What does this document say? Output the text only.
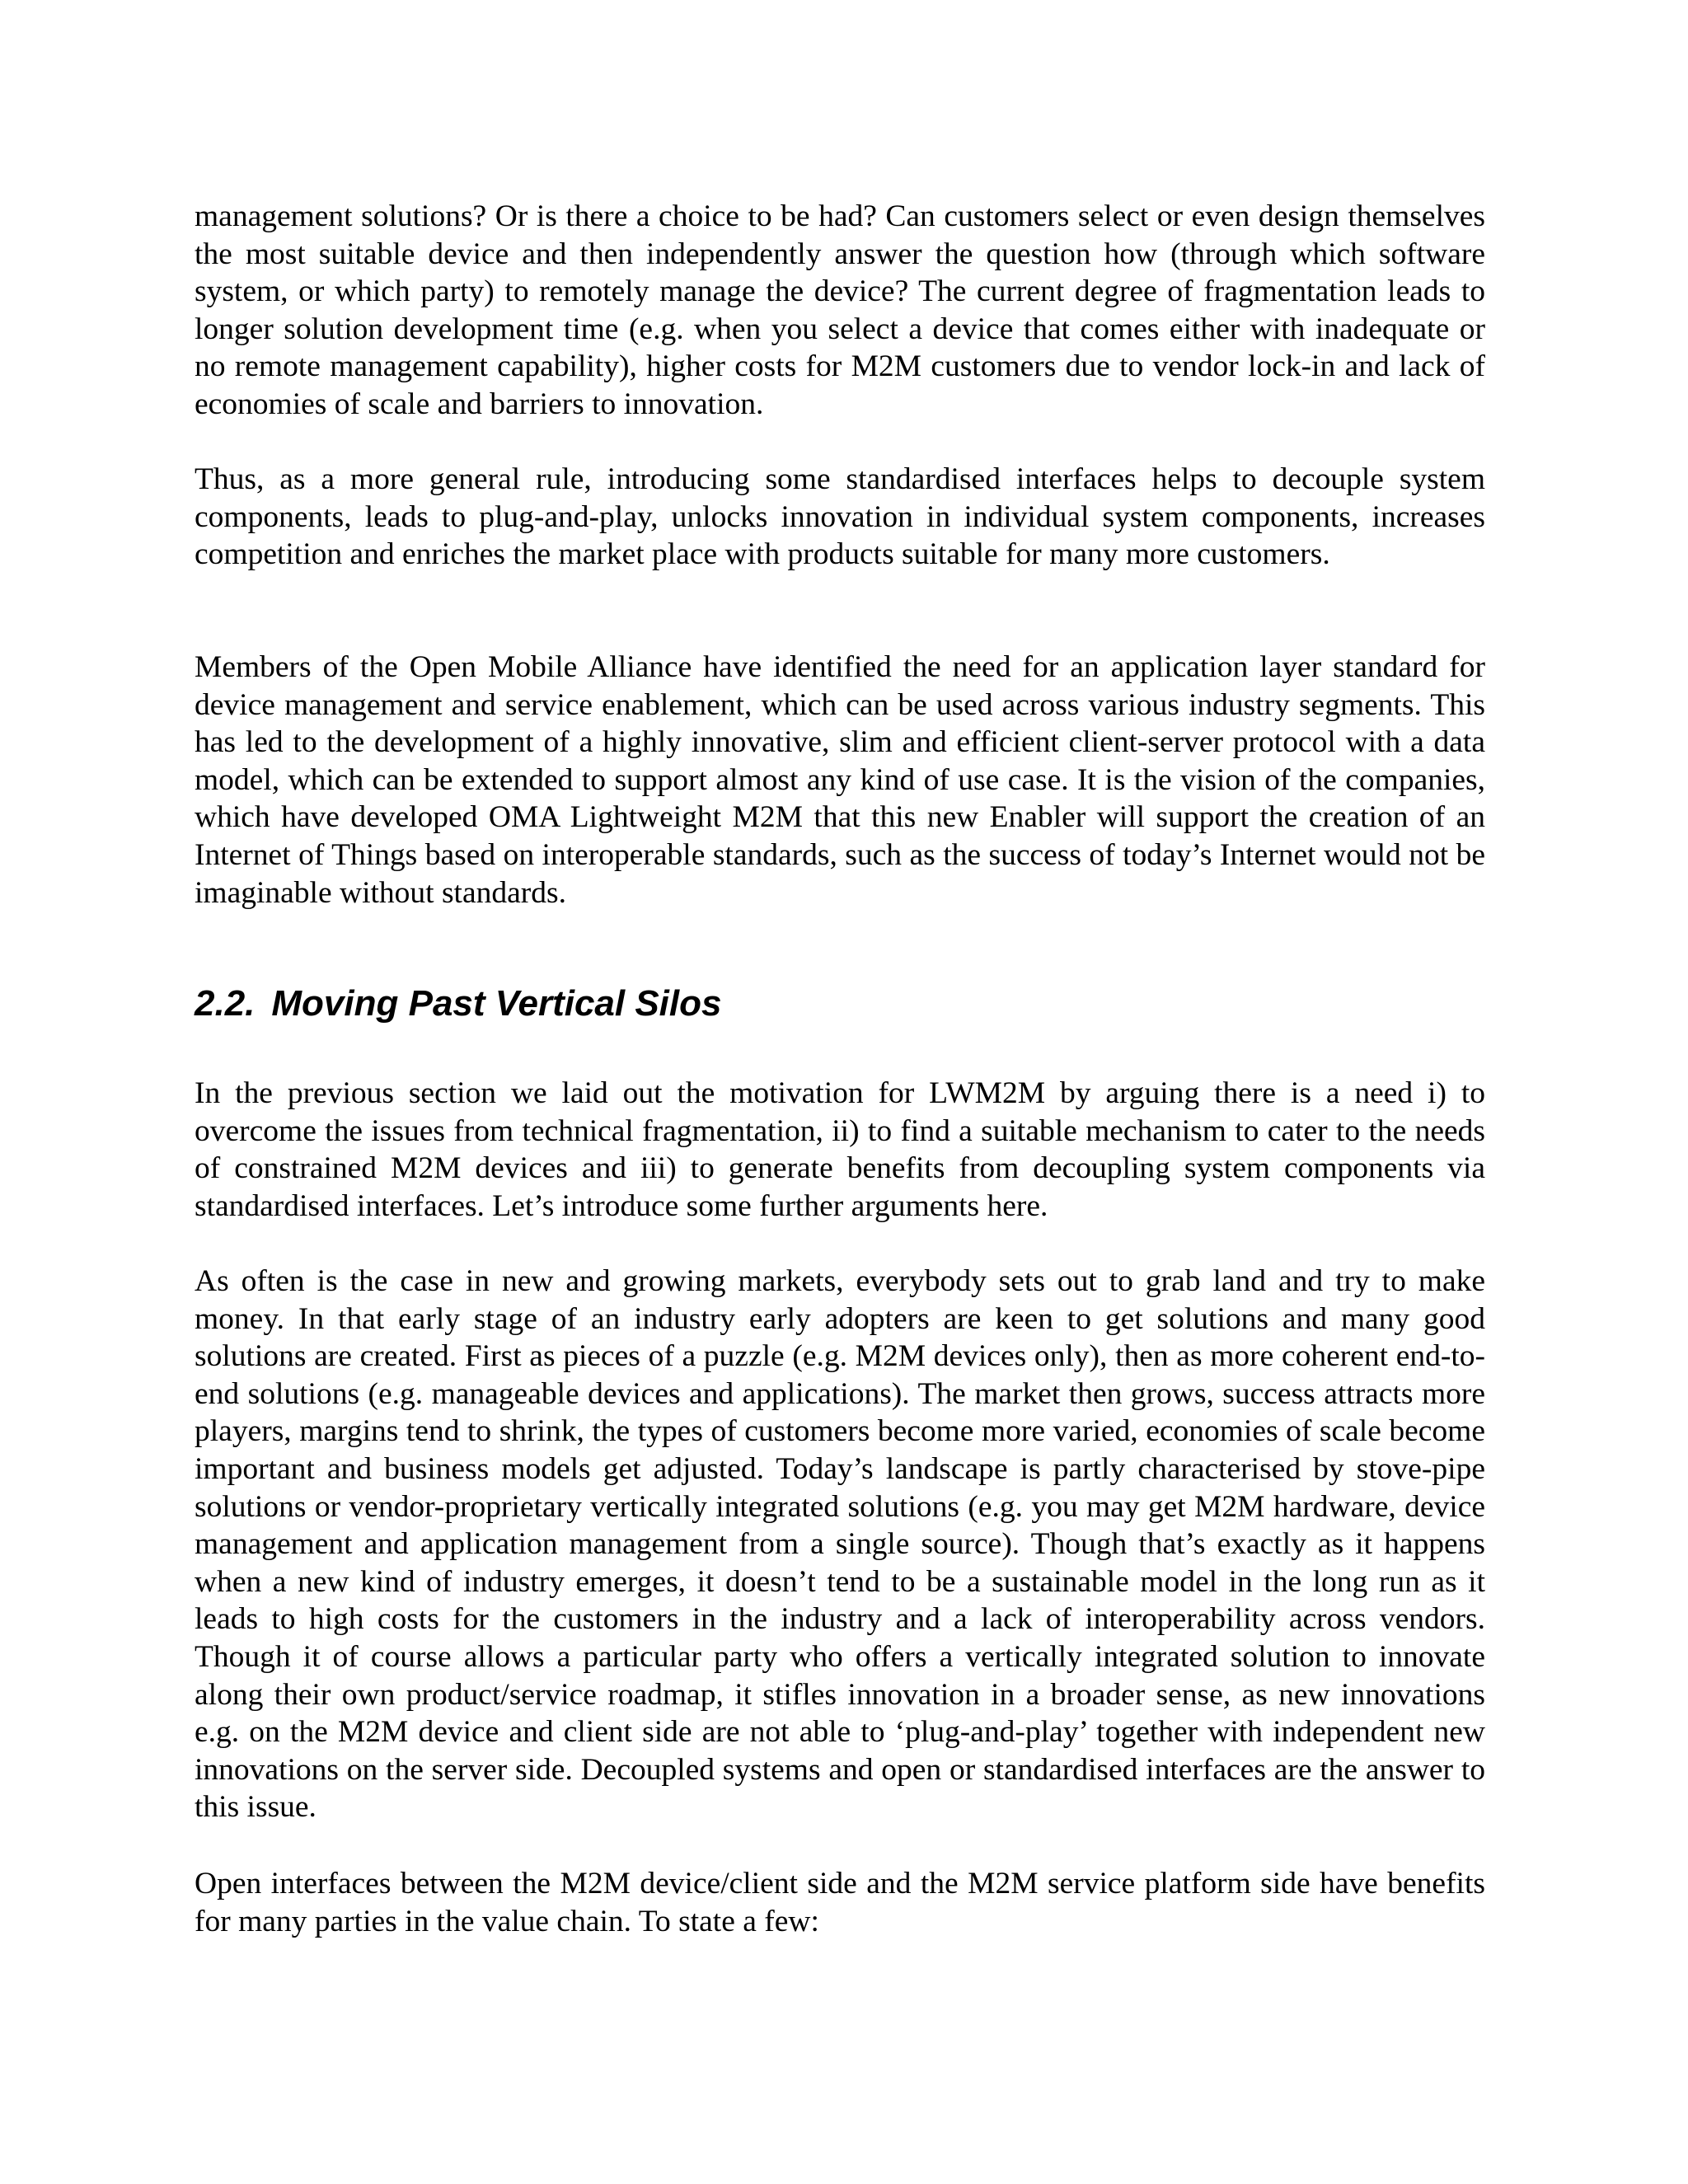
management solutions? Or is there a choice to be had? Can customers select or even design themselves the most suitable device and then independently answer the question how (through which software system, or which party) to remotely manage the device? The current degree of fragmentation leads to longer solution development time (e.g. when you select a device that comes either with inadequate or no remote management capability), higher costs for M2M customers due to vendor lock-in and lack of economies of scale and barriers to innovation.

Thus, as a more general rule, introducing some standardised interfaces helps to decouple system components, leads to plug-and-play, unlocks innovation in individual system components, increases competition and enriches the market place with products suitable for many more customers.

Members of the Open Mobile Alliance have identified the need for an application layer standard for device management and service enablement, which can be used across various industry segments. This has led to the development of a highly innovative, slim and efficient client-server protocol with a data model, which can be extended to support almost any kind of use case. It is the vision of the companies, which have developed OMA Lightweight M2M that this new Enabler will support the creation of an Internet of Things based on interoperable standards, such as the success of today’s Internet would not be imaginable without standards.

2.2. Moving Past Vertical Silos

In the previous section we laid out the motivation for LWM2M by arguing there is a need i) to overcome the issues from technical fragmentation, ii) to find a suitable mechanism to cater to the needs of constrained M2M devices and iii) to generate benefits from decoupling system components via standardised interfaces. Let’s introduce some further arguments here.

As often is the case in new and growing markets, everybody sets out to grab land and try to make money. In that early stage of an industry early adopters are keen to get solutions and many good solutions are created. First as pieces of a puzzle (e.g. M2M devices only), then as more coherent end-to-end solutions (e.g. manageable devices and applications). The market then grows, success attracts more players, margins tend to shrink, the types of customers become more varied, economies of scale become important and business models get adjusted. Today’s landscape is partly characterised by stove-pipe solutions or vendor-proprietary vertically integrated solutions (e.g. you may get M2M hardware, device management and application management from a single source). Though that’s exactly as it happens when a new kind of industry emerges, it doesn’t tend to be a sustainable model in the long run as it leads to high costs for the customers in the industry and a lack of interoperability across vendors. Though it of course allows a particular party who offers a vertically integrated solution to innovate along their own product/service roadmap, it stifles innovation in a broader sense, as new innovations e.g. on the M2M device and client side are not able to ‘plug-and-play’ together with independent new innovations on the server side. Decoupled systems and open or standardised interfaces are the answer to this issue.

Open interfaces between the M2M device/client side and the M2M service platform side have benefits for many parties in the value chain. To state a few:
